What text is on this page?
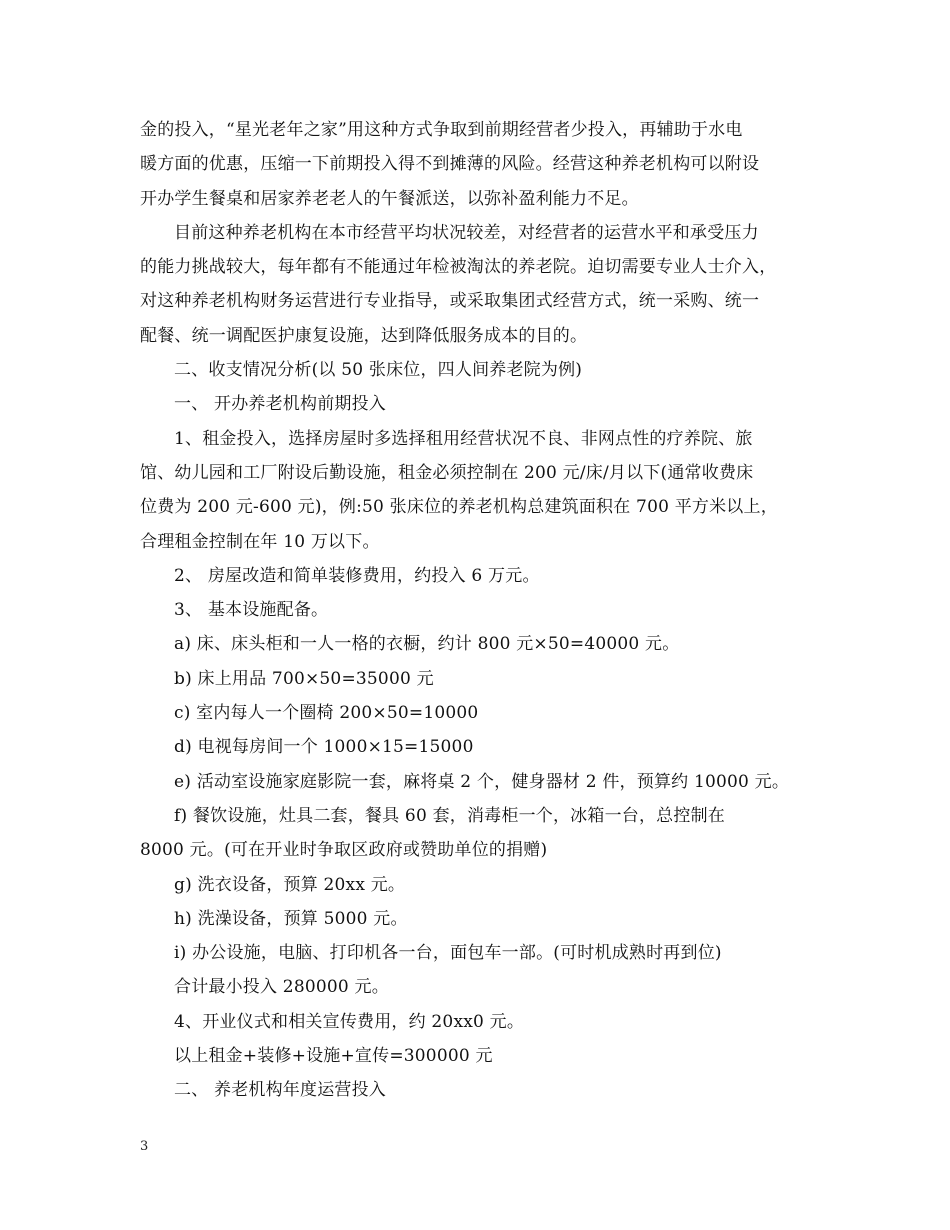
金的投入，“星光老年之家”用这种方式争取到前期经营者少投入，再辅助于水电
暖方面的优惠，压缩一下前期投入得不到摊薄的风险。经营这种养老机构可以附设
开办学生餐桌和居家养老老人的午餐派送，以弥补盈利能力不足。
目前这种养老机构在本市经营平均状况较差，对经营者的运营水平和承受压力
的能力挑战较大，每年都有不能通过年检被淘汰的养老院。迫切需要专业人士介入，
对这种养老机构财务运营进行专业指导，或采取集团式经营方式，统一采购、统一
配餐、统一调配医护康复设施，达到降低服务成本的目的。
二、收支情况分析(以 50 张床位，四人间养老院为例)
一、 开办养老机构前期投入
1、租金投入，选择房屋时多选择租用经营状况不良、非网点性的疗养院、旅
馆、幼儿园和工厂附设后勤设施，租金必须控制在 200 元/床/月以下(通常收费床
位费为 200 元-600 元)，例:50 张床位的养老机构总建筑面积在 700 平方米以上，
合理租金控制在年 10 万以下。
2、 房屋改造和简单装修费用，约投入 6 万元。
3、 基本设施配备。
a) 床、床头柜和一人一格的衣橱，约计 800 元×50=40000 元。
b) 床上用品 700×50=35000 元
c) 室内每人一个圈椅 200×50=10000
d) 电视每房间一个 1000×15=15000
e) 活动室设施家庭影院一套，麻将桌 2 个，健身器材 2 件，预算约 10000 元。
f) 餐饮设施，灶具二套，餐具 60 套，消毒柜一个，冰箱一台，总控制在
8000 元。(可在开业时争取区政府或赞助单位的捐赠)
g) 洗衣设备，预算 20xx 元。
h) 洗澡设备，预算 5000 元。
i) 办公设施，电脑、打印机各一台，面包车一部。(可时机成熟时再到位)
合计最小投入 280000 元。
4、开业仪式和相关宣传费用，约 20xx0 元。
以上租金+装修+设施+宣传=300000 元
二、 养老机构年度运营投入
3
